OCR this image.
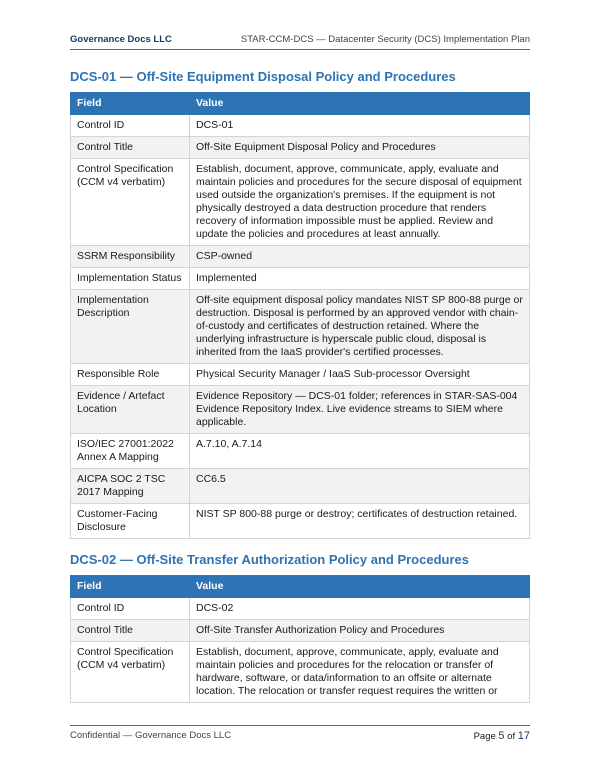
Governance Docs LLC	STAR-CCM-DCS — Datacenter Security (DCS) Implementation Plan
DCS-01 — Off-Site Equipment Disposal Policy and Procedures
Field	Value
Control ID	DCS-01
Control Title	Off-Site Equipment Disposal Policy and Procedures
Control Specification (CCM v4 verbatim)	Establish, document, approve, communicate, apply, evaluate and maintain policies and procedures for the secure disposal of equipment used outside the organization's premises. If the equipment is not physically destroyed a data destruction procedure that renders recovery of information impossible must be applied. Review and update the policies and procedures at least annually.
SSRM Responsibility	CSP-owned
Implementation Status	Implemented
Implementation Description	Off-site equipment disposal policy mandates NIST SP 800-88 purge or destruction. Disposal is performed by an approved vendor with chain-of-custody and certificates of destruction retained. Where the underlying infrastructure is hyperscale public cloud, disposal is inherited from the IaaS provider's certified processes.
Responsible Role	Physical Security Manager / IaaS Sub-processor Oversight
Evidence / Artefact Location	Evidence Repository — DCS-01 folder; references in STAR-SAS-004 Evidence Repository Index. Live evidence streams to SIEM where applicable.
ISO/IEC 27001:2022 Annex A Mapping	A.7.10, A.7.14
AICPA SOC 2 TSC 2017 Mapping	CC6.5
Customer-Facing Disclosure	NIST SP 800-88 purge or destroy; certificates of destruction retained.
DCS-02 — Off-Site Transfer Authorization Policy and Procedures
Field	Value
Control ID	DCS-02
Control Title	Off-Site Transfer Authorization Policy and Procedures
Control Specification (CCM v4 verbatim)	Establish, document, approve, communicate, apply, evaluate and maintain policies and procedures for the relocation or transfer of hardware, software, or data/information to an offsite or alternate location. The relocation or transfer request requires the written or
Confidential — Governance Docs LLC	Page 5 of 17
